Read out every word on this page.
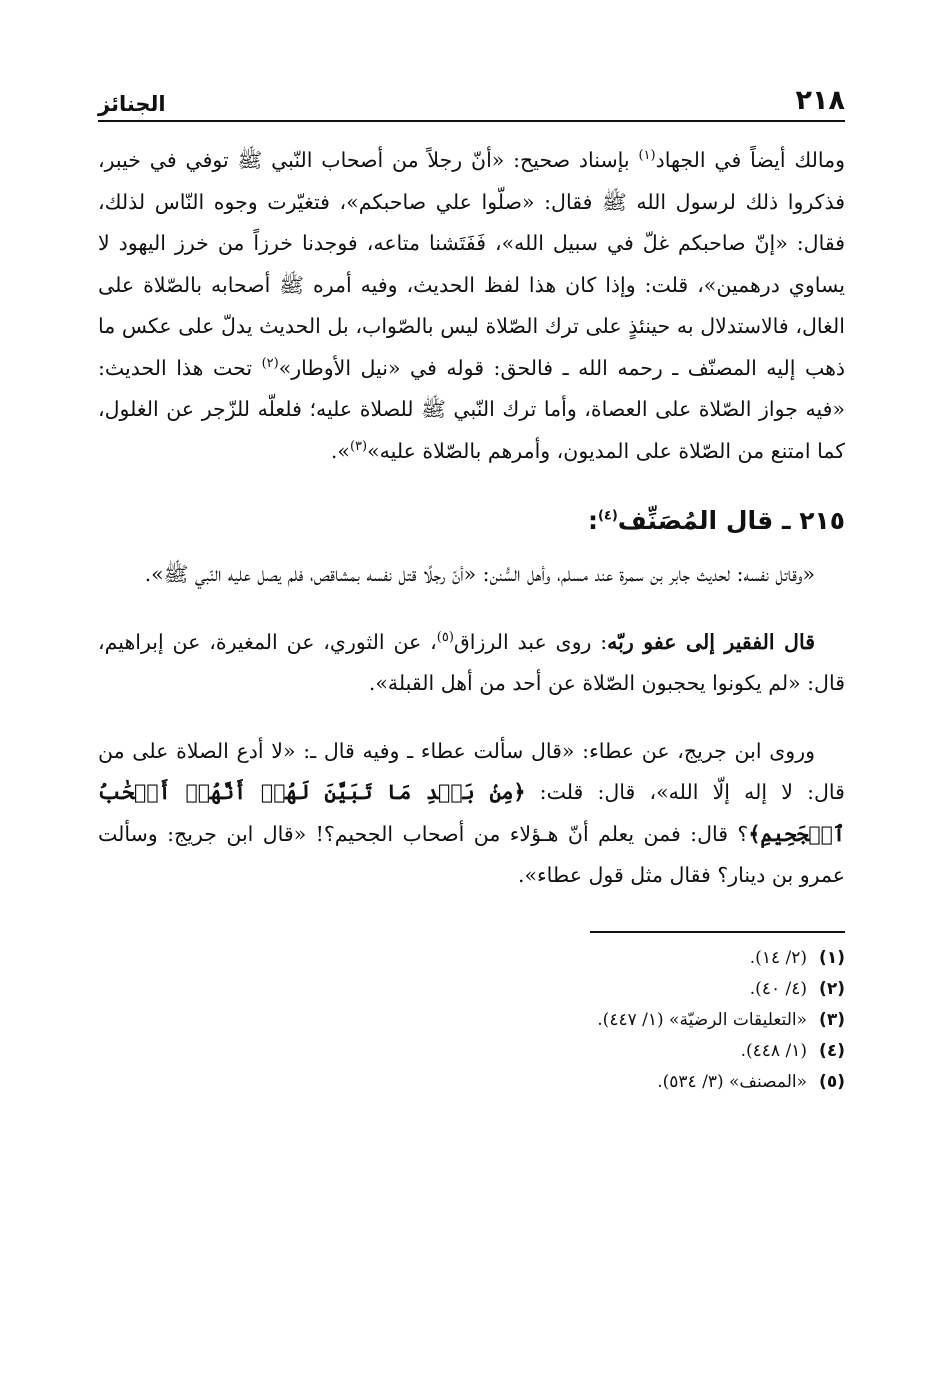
٢١٨
الجنائز

ومالك أيضاً في الجهاد$^{(١)}$ بإسناد صحيح: «أنّ رجلاً من أصحاب النّبي ﷺ توفي في خيبر، فذكروا ذلك لرسول الله ﷺ فقال: «صلّوا علي صاحبكم»، فتغيّرت وجوه النّاس لذلك، فقال: «إنّ صاحبكم غلّ في سبيل الله»، فَفَتَشنا متاعه، فوجدنا خرزاً من خرز اليهود لا يساوي درهمين»، قلت: وإذا كان هذا لفظ الحديث، وفيه أمره ﷺ أصحابه بالصّلاة على الغال، فالاستدلال به حينئذٍ على ترك الصّلاة ليس بالصّواب، بل الحديث يدلّ على عكس ما ذهب إليه المصنّف ـ رحمه الله ـ فالحق: قوله في «نيل الأوطار»$^{(٢)}$ تحت هذا الحديث: «فيه جواز الصّلاة على العصاة، وأما ترك النّبي ﷺ للصلاة عليه؛ فلعلّه للزّجر عن الغلول، كما امتنع من الصّلاة على المديون، وأمرهم بالصّلاة عليه»$^{(٣)}$».

٢١٥ ـ قال المُصَنِّف$^{(٤)}$:

«وقاتل نفسه: لحديث جابر بن سمرة عند مسلم، وأهل السُّنن: «أنّ رجلًا قتل نفسه بمشاقص، فلم يصل عليه النّبي ﷺ».

قال الفقير إلى عفو ربّه: روى عبد الرزاق$^{(٥)}$، عن الثوري، عن المغيرة، عن إبراهيم، قال: «لم يكونوا يحجبون الصّلاة عن أحد من أهل القبلة».

وروى ابن جريج، عن عطاء: «قال سألت عطاء ـ وفيه قال ـ: «لا أدع الصلاة على من قال: لا إله إلّا الله»، قال: قلت: ﴿مِنۢ بَعۡدِ مَا تَبَيَّنَ لَهُمۡ أَنَّهُمۡ أَصۡحَٰبُ ٱلۡجَحِيمِ﴾؟ قال: فمن يعلم أنّ هـؤلاء من أصحاب الجحيم؟! «قال ابن جريج: وسألت عمرو بن دينار؟ فقال مثل قول عطاء».

(١)
(٢/ ١٤).
(٢)
(٤/ ٤٠).
(٣)
«التعليقات الرضيّة» (١/ ٤٤٧).
(٤)
(١/ ٤٤٨).
(٥)
«المصنف» (٣/ ٥٣٤).
